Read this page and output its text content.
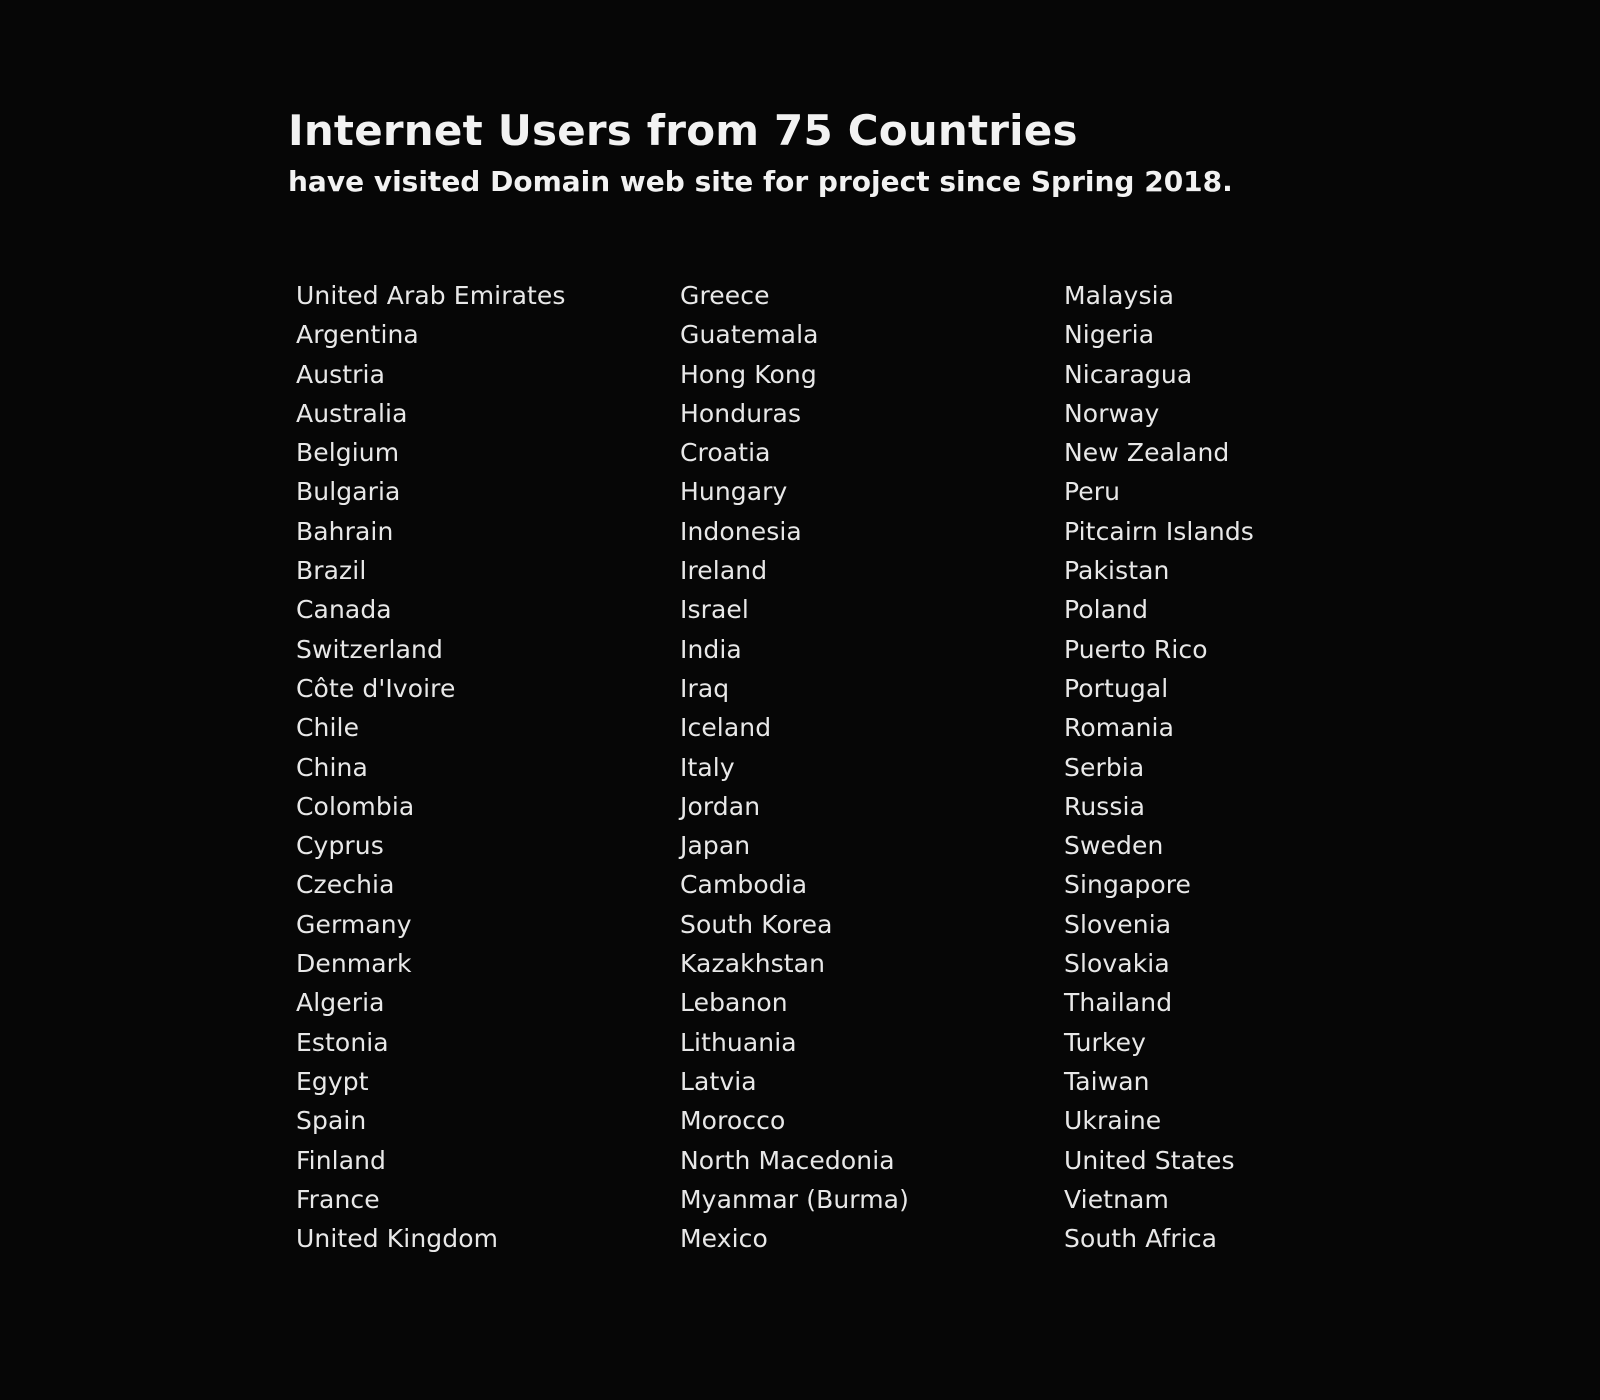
Internet Users from 75 Countries

have visited Domain web site for project since Spring 2018.

United Arab Emirates
Argentina
Austria
Australia
Belgium
Bulgaria
Bahrain
Brazil
Canada
Switzerland
Côte d'Ivoire
Chile
China
Colombia
Cyprus
Czechia
Germany
Denmark
Algeria
Estonia
Egypt
Spain
Finland
France
United Kingdom
Greece
Guatemala
Hong Kong
Honduras
Croatia
Hungary
Indonesia
Ireland
Israel
India
Iraq
Iceland
Italy
Jordan
Japan
Cambodia
South Korea
Kazakhstan
Lebanon
Lithuania
Latvia
Morocco
North Macedonia
Myanmar (Burma)
Mexico
Malaysia
Nigeria
Nicaragua
Norway
New Zealand
Peru
Pitcairn Islands
Pakistan
Poland
Puerto Rico
Portugal
Romania
Serbia
Russia
Sweden
Singapore
Slovenia
Slovakia
Thailand
Turkey
Taiwan
Ukraine
United States
Vietnam
South Africa
